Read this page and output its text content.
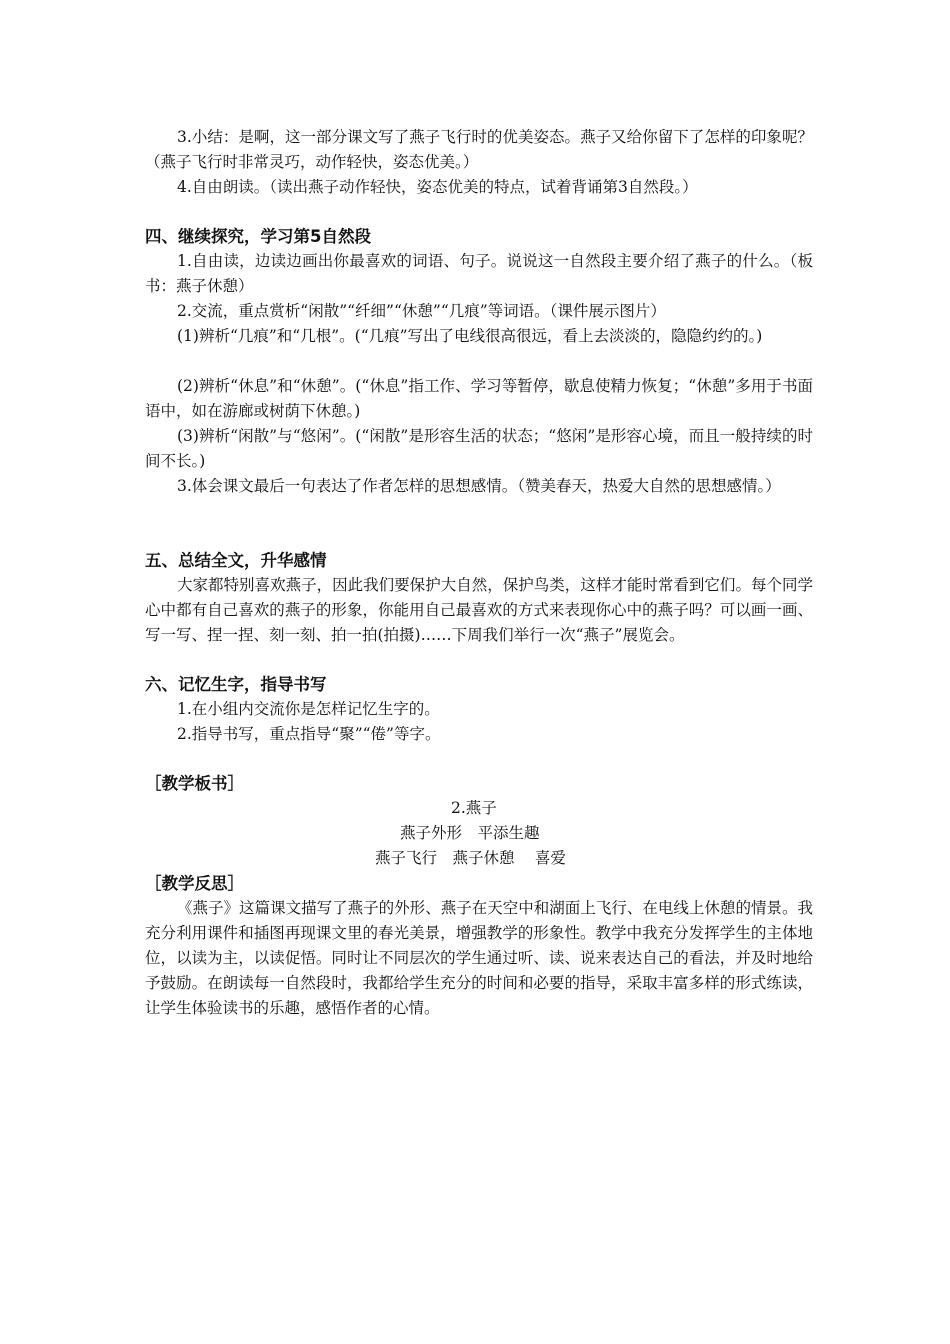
3.小结：是啊，这一部分课文写了燕子飞行时的优美姿态。燕子又给你留下了怎样的印象呢？（燕子飞行时非常灵巧，动作轻快，姿态优美。）

4.自由朗读。（读出燕子动作轻快，姿态优美的特点，试着背诵第3自然段。）

四、继续探究，学习第5自然段

1.自由读，边读边画出你最喜欢的词语、句子。说说这一自然段主要介绍了燕子的什么。（板书：燕子休憩）

2.交流，重点赏析“闲散”“纤细”“休憩”“几痕”等词语。（课件展示图片）

(1)辨析“几痕”和“几根”。(“几痕”写出了电线很高很远，看上去淡淡的，隐隐约约的。)

(2)辨析“休息”和“休憩”。(“休息”指工作、学习等暂停，歇息使精力恢复；“休憩”多用于书面语中，如在游廊或树荫下休憩。)

(3)辨析“闲散”与“悠闲”。(“闲散”是形容生活的状态；“悠闲”是形容心境，而且一般持续的时间不长。)

3.体会课文最后一句表达了作者怎样的思想感情。（赞美春天，热爱大自然的思想感情。）

五、总结全文，升华感情

大家都特别喜欢燕子，因此我们要保护大自然，保护鸟类，这样才能时常看到它们。每个同学心中都有自己喜欢的燕子的形象，你能用自己最喜欢的方式来表现你心中的燕子吗？可以画一画、写一写、捏一捏、刻一刻、拍一拍(拍摄)……下周我们举行一次“燕子”展览会。

六、记忆生字，指导书写

1.在小组内交流你是怎样记忆生字的。

2.指导书写，重点指导“聚”“倦”等字。

［教学板书］

2.燕子
燕子外形　平添生趣
燕子飞行　燕子休憩　 喜爱

［教学反思］

《燕子》这篇课文描写了燕子的外形、燕子在天空中和湖面上飞行、在电线上休憩的情景。我充分利用课件和插图再现课文里的春光美景，增强教学的形象性。教学中我充分发挥学生的主体地位，以读为主，以读促悟。同时让不同层次的学生通过听、读、说来表达自己的看法，并及时地给予鼓励。在朗读每一自然段时，我都给学生充分的时间和必要的指导，采取丰富多样的形式练读，让学生体验读书的乐趣，感悟作者的心情。
